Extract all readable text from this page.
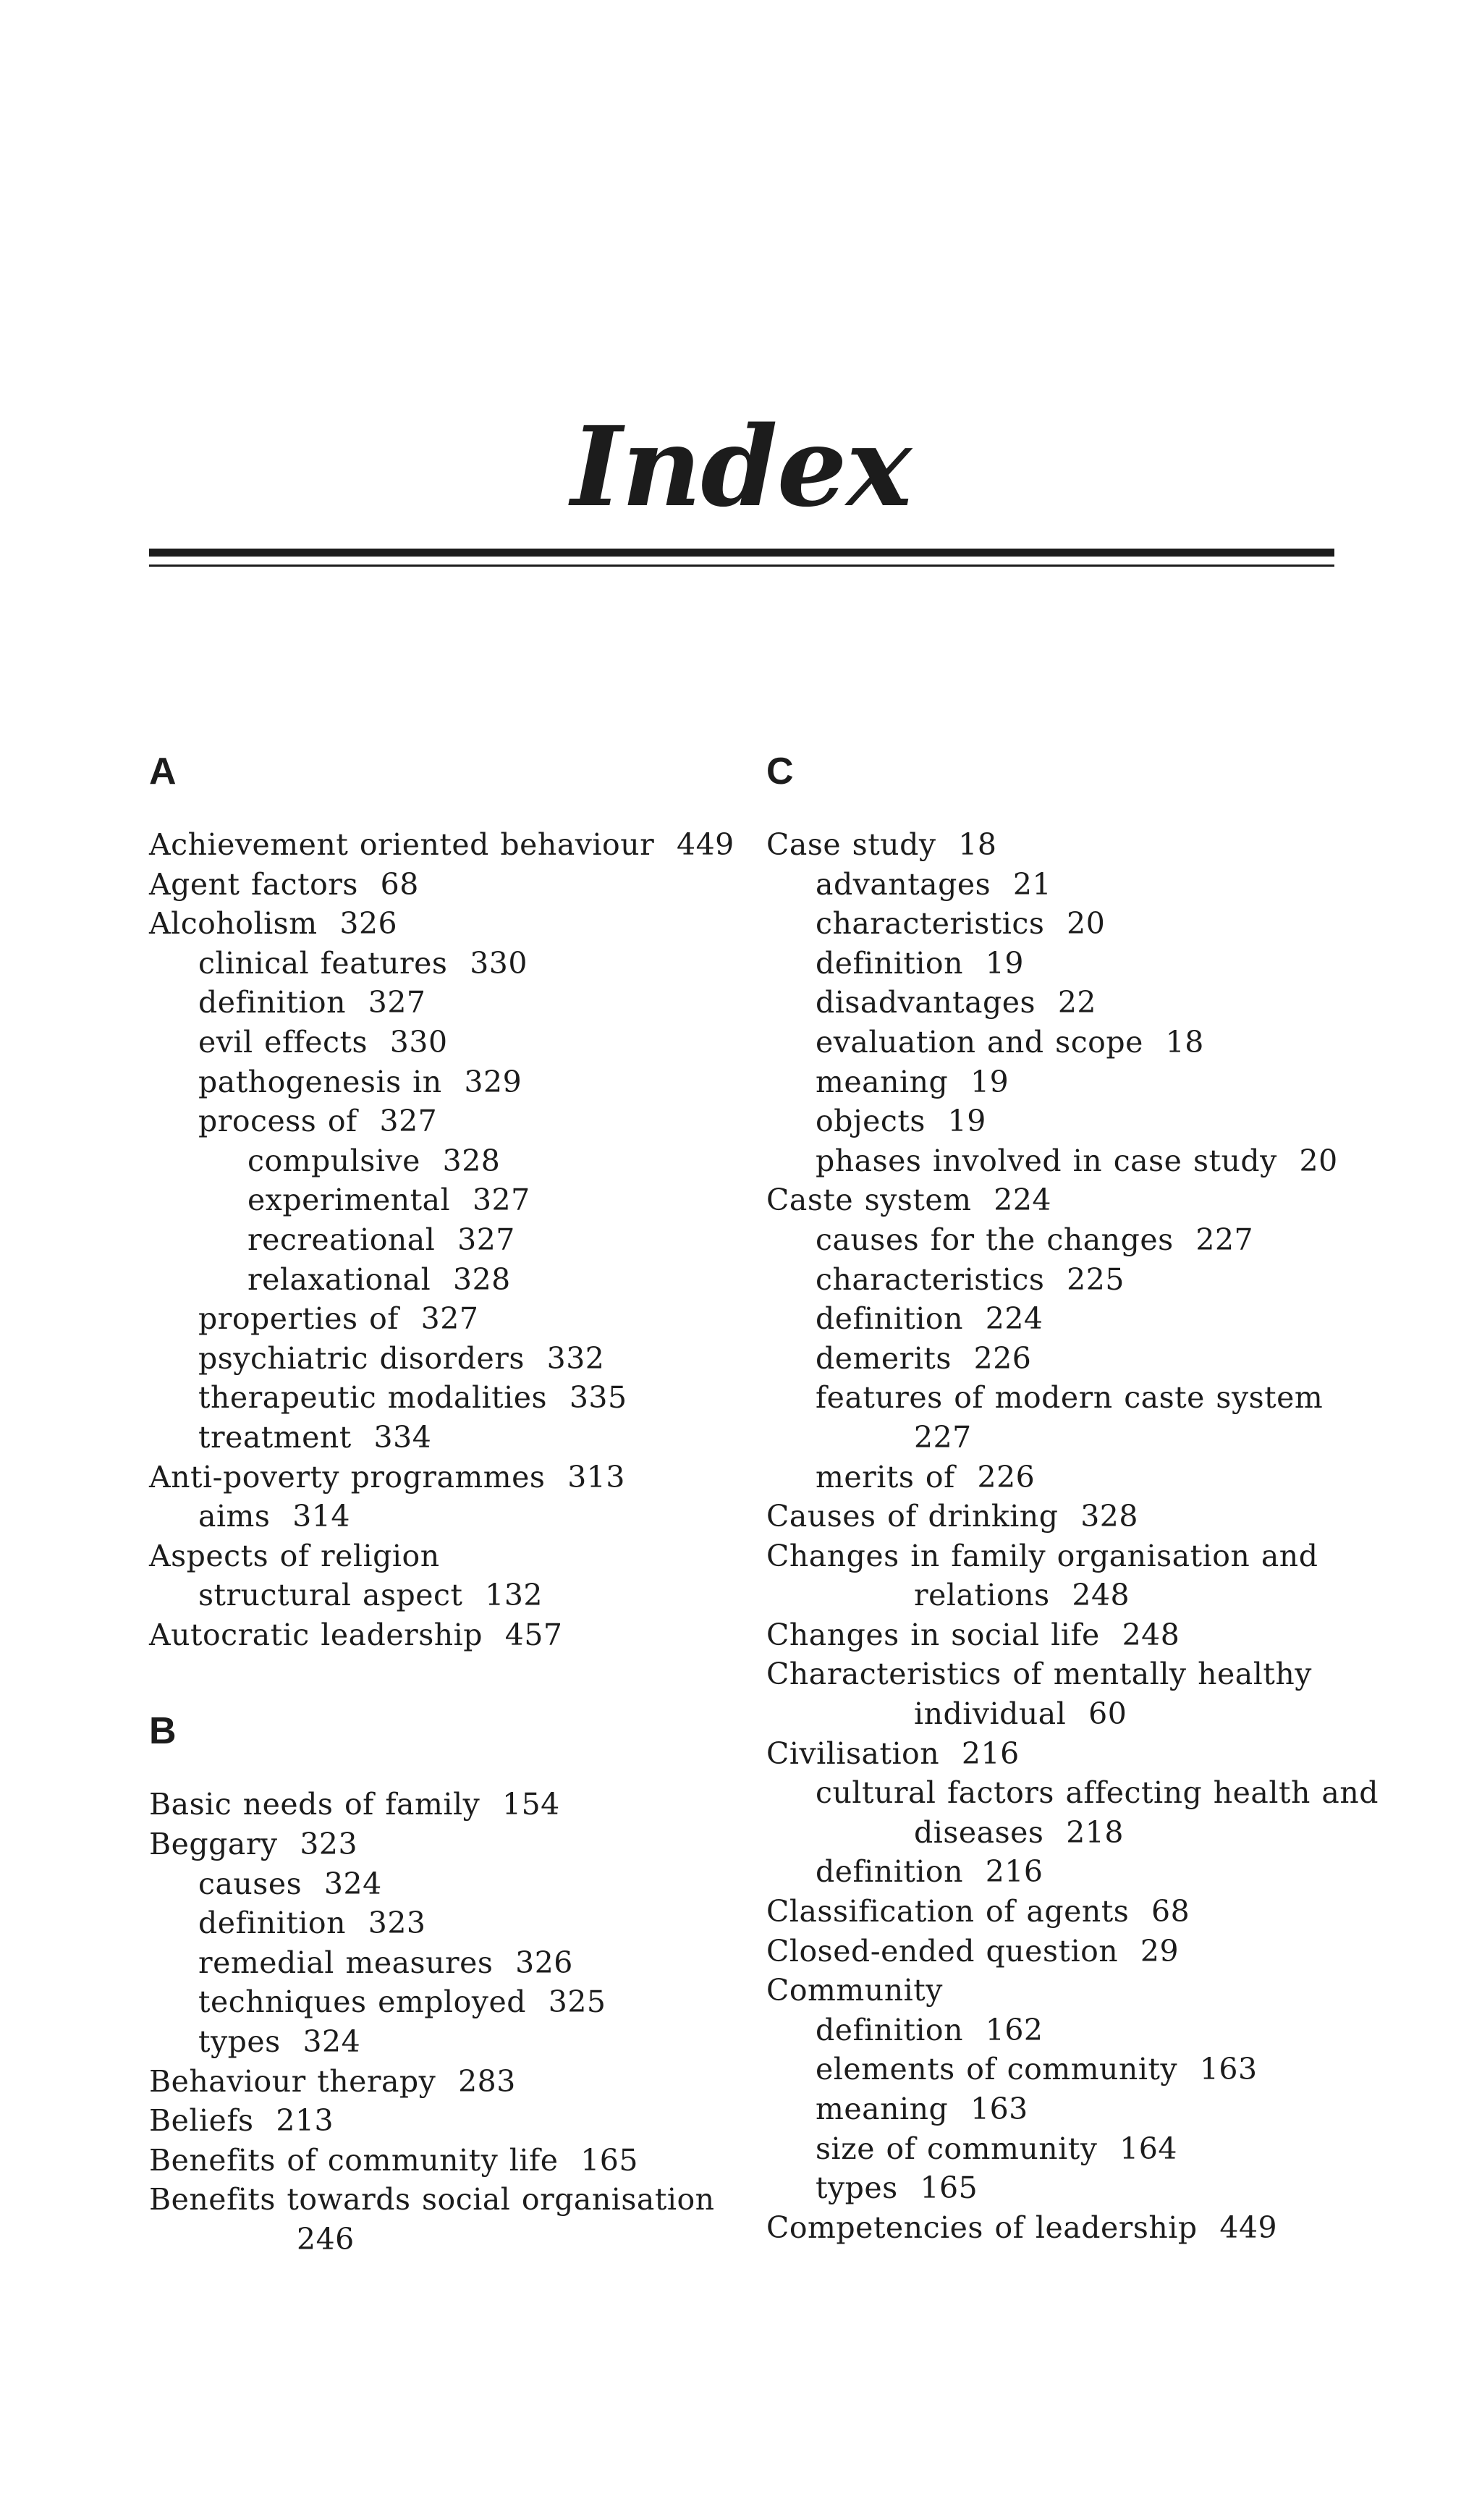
Index
A
Achievement oriented behaviour 449
Agent factors 68
Alcoholism 326
clinical features 330
definition 327
evil effects 330
pathogenesis in 329
process of 327
compulsive 328
experimental 327
recreational 327
relaxational 328
properties of 327
psychiatric disorders 332
therapeutic modalities 335
treatment 334
Anti-poverty programmes 313
aims 314
Aspects of religion
structural aspect 132
Autocratic leadership 457
B
Basic needs of family 154
Beggary 323
causes 324
definition 323
remedial measures 326
techniques employed 325
types 324
Behaviour therapy 283
Beliefs 213
Benefits of community life 165
Benefits towards social organisation
246
C
Case study 18
advantages 21
characteristics 20
definition 19
disadvantages 22
evaluation and scope 18
meaning 19
objects 19
phases involved in case study 20
Caste system 224
causes for the changes 227
characteristics 225
definition 224
demerits 226
features of modern caste system
227
merits of 226
Causes of drinking 328
Changes in family organisation and
relations 248
Changes in social life 248
Characteristics of mentally healthy
individual 60
Civilisation 216
cultural factors affecting health and
diseases 218
definition 216
Classification of agents 68
Closed-ended question 29
Community
definition 162
elements of community 163
meaning 163
size of community 164
types 165
Competencies of leadership 449
